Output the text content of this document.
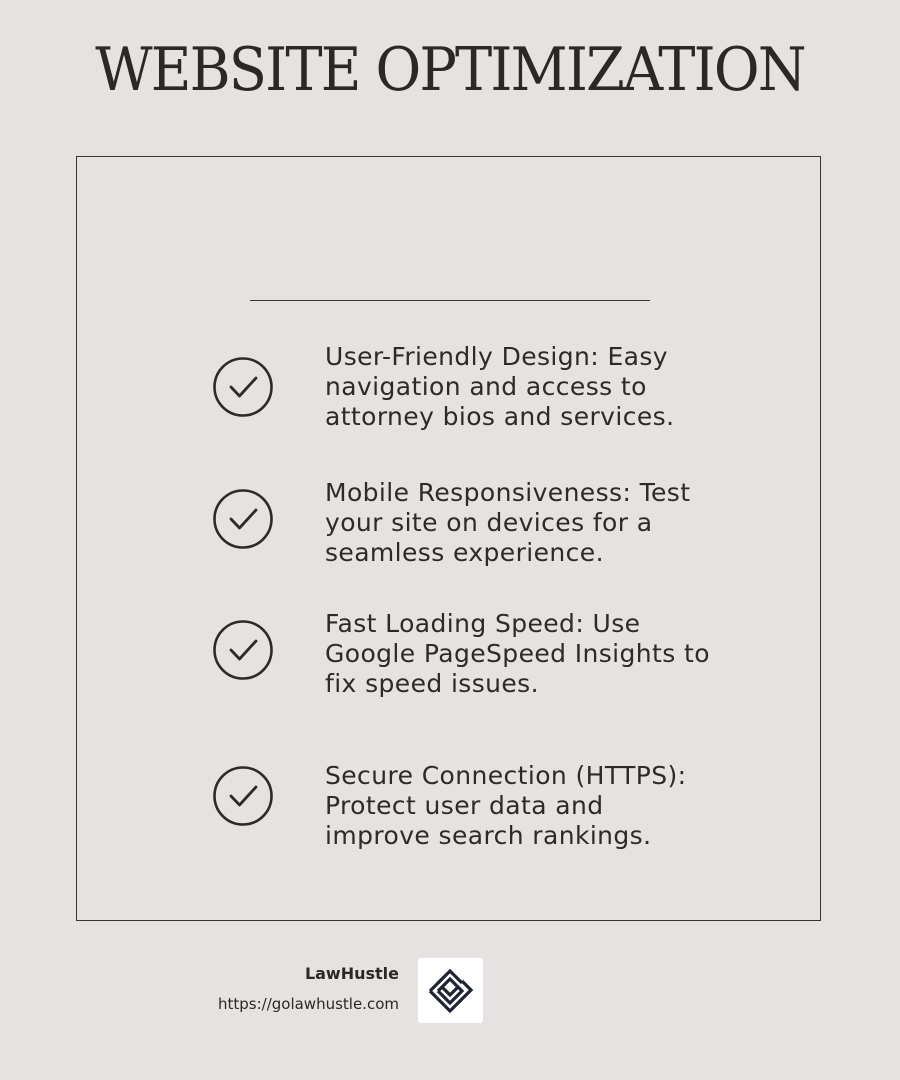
WEBSITE OPTIMIZATION

User-Friendly Design: Easy
navigation and access to
attorney bios and services.

Mobile Responsiveness: Test
your site on devices for a
seamless experience.

Fast Loading Speed: Use
Google PageSpeed Insights to
fix speed issues.

Secure Connection (HTTPS):
Protect user data and
improve search rankings.

LawHustle
https://golawhustle.com
